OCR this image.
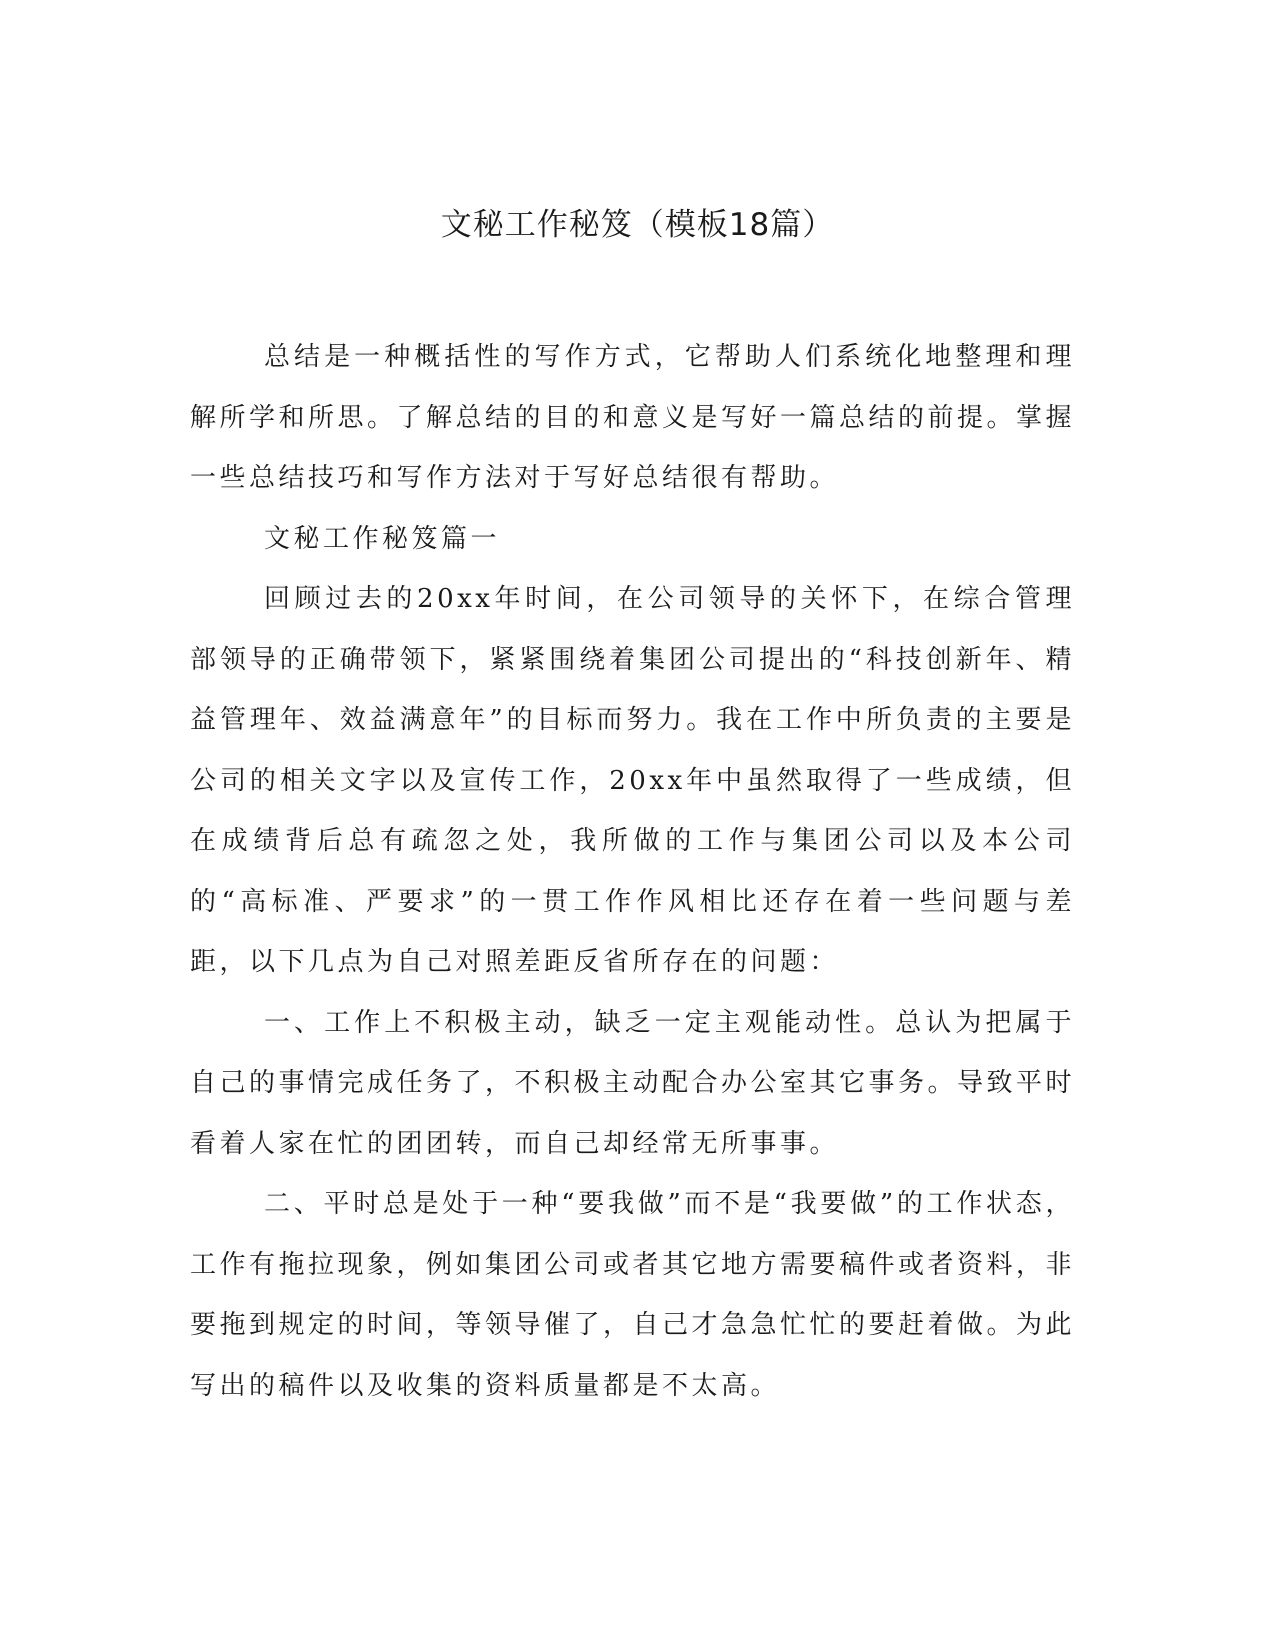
文秘工作秘笈（模板18篇）

总结是一种概括性的写作方式，它帮助人们系统化地整理和理解所学和所思。了解总结的目的和意义是写好一篇总结的前提。掌握一些总结技巧和写作方法对于写好总结很有帮助。

文秘工作秘笈篇一

回顾过去的20xx年时间，在公司领导的关怀下，在综合管理部领导的正确带领下，紧紧围绕着集团公司提出的“科技创新年、精益管理年、效益满意年”的目标而努力。我在工作中所负责的主要是公司的相关文字以及宣传工作，20xx年中虽然取得了一些成绩，但在成绩背后总有疏忽之处，我所做的工作与集团公司以及本公司的“高标准、严要求”的一贯工作作风相比还存在着一些问题与差距，以下几点为自己对照差距反省所存在的问题：

一、工作上不积极主动，缺乏一定主观能动性。总认为把属于自己的事情完成任务了，不积极主动配合办公室其它事务。导致平时看着人家在忙的团团转，而自己却经常无所事事。

二、平时总是处于一种“要我做”而不是“我要做”的工作状态，工作有拖拉现象，例如集团公司或者其它地方需要稿件或者资料，非要拖到规定的时间，等领导催了，自己才急急忙忙的要赶着做。为此写出的稿件以及收集的资料质量都是不太高。
